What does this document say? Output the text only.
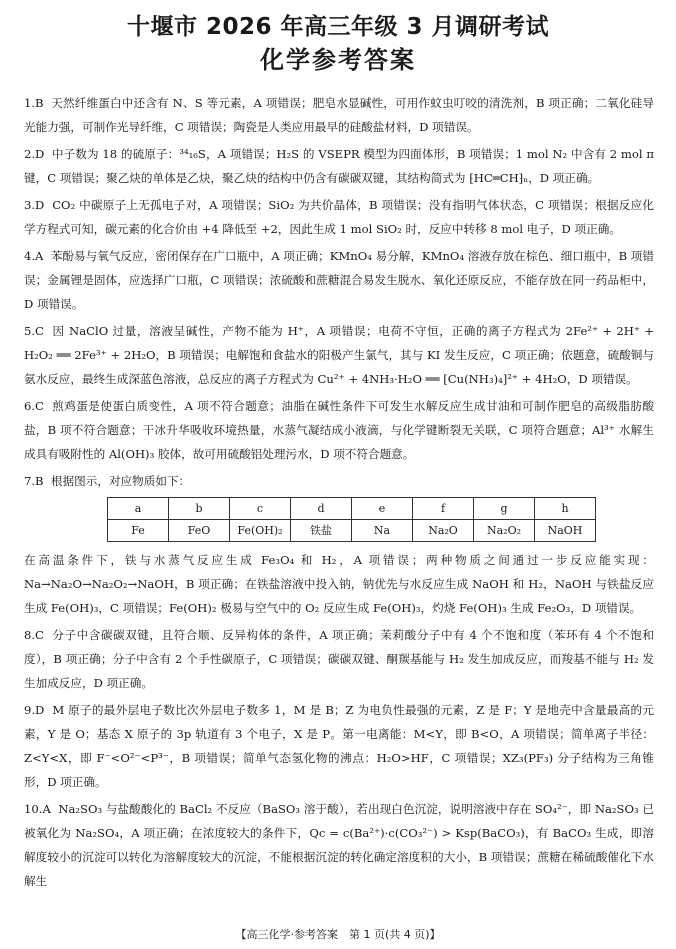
十堰市 2026 年高三年级 3 月调研考试
化学参考答案

1.B 天然纤维蛋白中还含有 N、S 等元素，A 项错误；肥皂水显碱性，可用作蚊虫叮咬的清洗剂，B 项正确；二氧化硅导光能力强，可制作光导纤维，C 项错误；陶瓷是人类应用最早的硅酸盐材料，D 项错误。

2.D 中子数为 18 的硫原子：³⁴₁₆S，A 项错误；H₂S 的 VSEPR 模型为四面体形，B 项错误；1 mol N₂ 中含有 2 mol π 键，C 项错误；聚乙炔的单体是乙炔，聚乙炔的结构中仍含有碳碳双键，其结构简式为 ⁅HC═CH⁆ₙ，D 项正确。

3.D CO₂ 中碳原子上无孤电子对，A 项错误；SiO₂ 为共价晶体，B 项错误；没有指明气体状态，C 项错误；根据反应化学方程式可知，碳元素的化合价由 +4 降低至 +2，因此生成 1 mol SiO₂ 时，反应中转移 8 mol 电子，D 项正确。

4.A 苯酚易与氧气反应，密闭保存在广口瓶中，A 项正确；KMnO₄ 易分解，KMnO₄ 溶液存放在棕色、细口瓶中，B 项错误；金属锂是固体，应选择广口瓶，C 项错误；浓硫酸和蔗糖混合易发生脱水、氧化还原反应，不能存放在同一药品柜中，D 项错误。

5.C 因 NaClO 过量，溶液呈碱性，产物不能为 H⁺，A 项错误；电荷不守恒，正确的离子方程式为 2Fe²⁺ + 2H⁺ + H₂O₂ ══ 2Fe³⁺ + 2H₂O，B 项错误；电解饱和食盐水的阳极产生氯气，其与 KI 发生反应，C 项正确；依题意，硫酸铜与氨水反应，最终生成深蓝色溶液，总反应的离子方程式为 Cu²⁺ + 4NH₃·H₂O ══ [Cu(NH₃)₄]²⁺ + 4H₂O，D 项错误。

6.C 煎鸡蛋是使蛋白质变性，A 项不符合题意；油脂在碱性条件下可发生水解反应生成甘油和可制作肥皂的高级脂肪酸盐，B 项不符合题意；干冰升华吸收环境热量，水蒸气凝结成小液滴，与化学键断裂无关联，C 项符合题意；Al³⁺ 水解生成具有吸附性的 Al(OH)₃ 胶体，故可用硫酸铝处理污水，D 项不符合题意。

7.B 根据图示，对应物质如下：

a	b	c	d	e	f	g	h
Fe	FeO	Fe(OH)₂	铁盐	Na	Na₂O	Na₂O₂	NaOH

在高温条件下，铁与水蒸气反应生成 Fe₃O₄ 和 H₂，A 项错误；两种物质之间通过一步反应能实现：Na→Na₂O→Na₂O₂→NaOH，B 项正确；在铁盐溶液中投入钠，钠优先与水反应生成 NaOH 和 H₂，NaOH 与铁盐反应生成 Fe(OH)₃，C 项错误；Fe(OH)₂ 极易与空气中的 O₂ 反应生成 Fe(OH)₃，灼烧 Fe(OH)₃ 生成 Fe₂O₃，D 项错误。

8.C 分子中含碳碳双键，且符合顺、反异构体的条件，A 项正确；茉莉酸分子中有 4 个不饱和度（苯环有 4 个不饱和度），B 项正确；分子中含有 2 个手性碳原子，C 项错误；碳碳双键、酮羰基能与 H₂ 发生加成反应，而羧基不能与 H₂ 发生加成反应，D 项正确。

9.D M 原子的最外层电子数比次外层电子数多 1，M 是 B；Z 为电负性最强的元素，Z 是 F；Y 是地壳中含量最高的元素，Y 是 O；基态 X 原子的 3p 轨道有 3 个电子，X 是 P。第一电离能：M<Y，即 B<O，A 项错误；简单离子半径：Z<Y<X，即 F⁻<O²⁻<P³⁻，B 项错误；简单气态氢化物的沸点：H₂O>HF，C 项错误；XZ₃(PF₃) 分子结构为三角锥形，D 项正确。

10.A Na₂SO₃ 与盐酸酸化的 BaCl₂ 不反应（BaSO₃ 溶于酸），若出现白色沉淀，说明溶液中存在 SO₄²⁻，即 Na₂SO₃ 已被氧化为 Na₂SO₄，A 项正确；在浓度较大的条件下，Qc = c(Ba²⁺)·c(CO₃²⁻) > Ksp(BaCO₃)，有 BaCO₃ 生成，即溶解度较小的沉淀可以转化为溶解度较大的沉淀，不能根据沉淀的转化确定溶度积的大小，B 项错误；蔗糖在稀硫酸催化下水解生

【高三化学·参考答案　第 1 页(共 4 页)】
